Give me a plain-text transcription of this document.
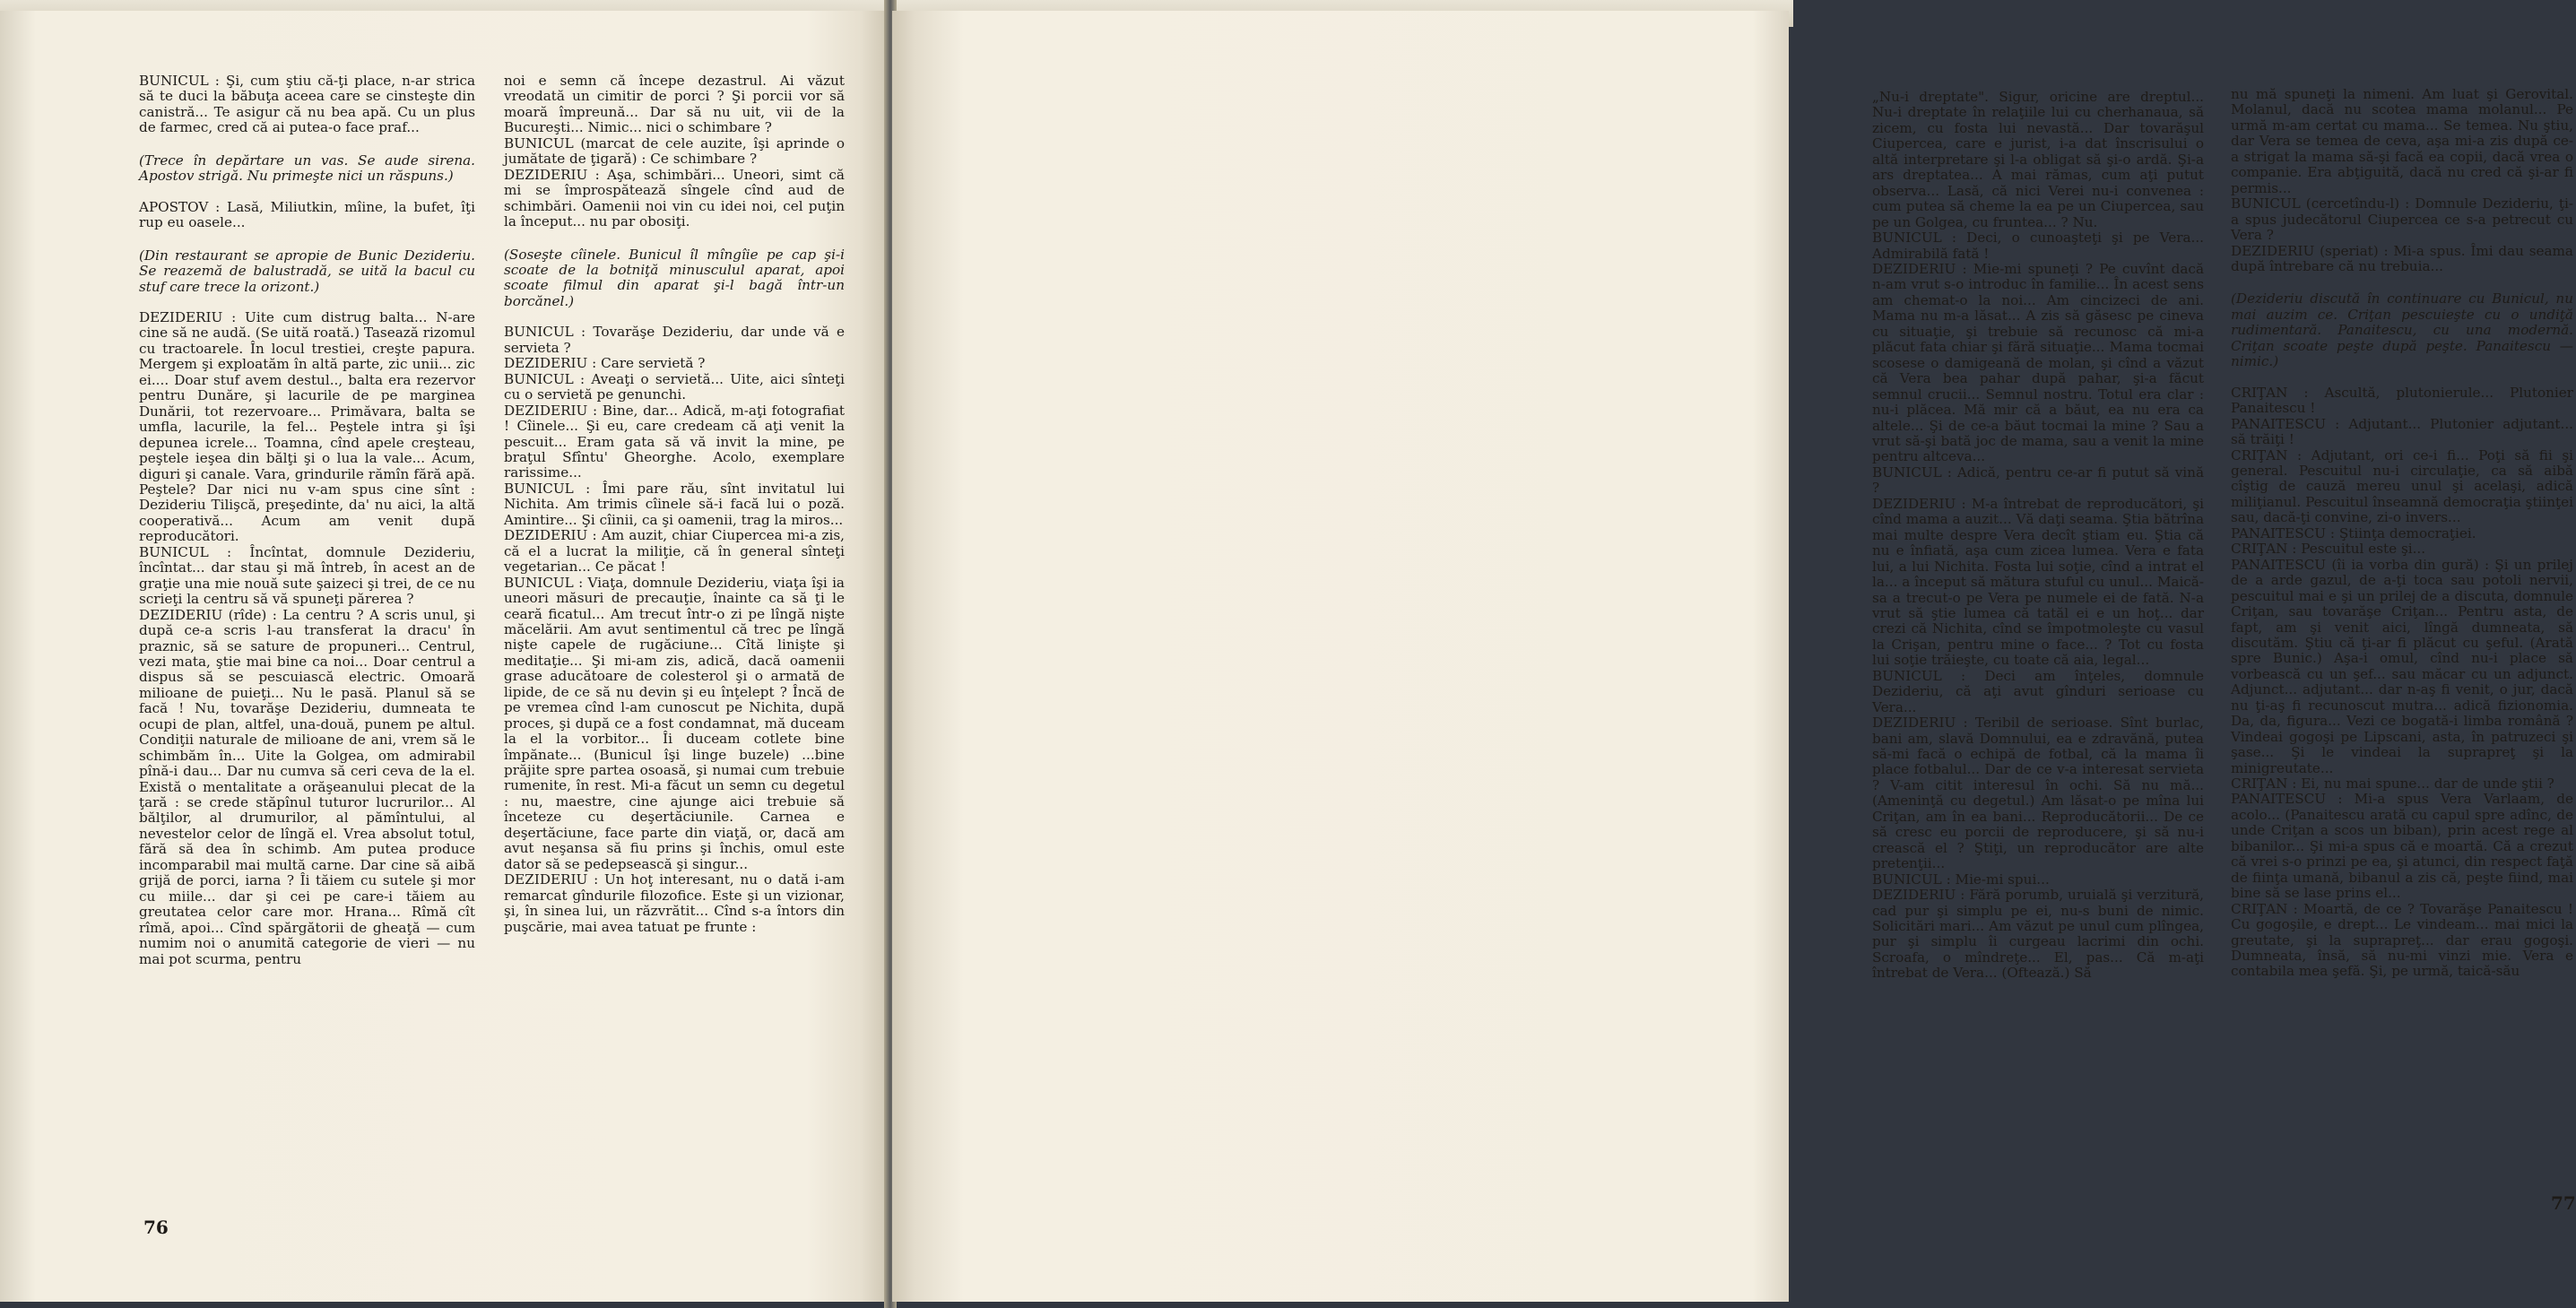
BUNICUL : Şi, cum ştiu că-ţi place, n-ar strica să te duci la băbuţa aceea care se cinsteşte din canistră... Te asigur că nu bea apă. Cu un plus de farmec, cred că ai putea-o face praf...

(Trece în depărtare un vas. Se aude sirena. Apostov strigă. Nu primeşte nici un răspuns.)

APOSTOV : Lasă, Miliutkin, mîine, la bufet, îţi rup eu oasele...

(Din restaurant se apropie de Bunic Dezideriu. Se reazemă de balustradă, se uită la bacul cu stuf care trece la orizont.)

DEZIDERIU : Uite cum distrug balta... N-are cine să ne audă. (Se uită roată.) Tasează rizomul cu tractoarele. În locul trestiei, creşte papura. Mergem şi exploatăm în altă parte, zic unii... zic ei.... Doar stuf avem destul.., balta era rezervor pentru Dunăre, şi lacurile de pe marginea Dunării, tot rezervoare... Primăvara, balta se umfla, lacurile, la fel... Peştele intra şi îşi depunea icrele... Toamna, cînd apele creşteau, peştele ieşea din bălţi şi o lua la vale... Acum, diguri şi canale. Vara, grindurile rămîn fără apă. Peştele? Dar nici nu v-am spus cine sînt : Dezideriu Tilişcă, preşedinte, da' nu aici, la altă cooperativă... Acum am venit după reproducători.

BUNICUL : Încîntat, domnule Dezideriu, încîntat... dar stau şi mă întreb, în acest an de graţie una mie nouă sute şaizeci şi trei, de ce nu scrieţi la centru să vă spuneţi părerea ?

DEZIDERIU (rîde) : La centru ? A scris unul, şi după ce-a scris l-au transferat la dracu' în praznic, să se sature de propuneri... Centrul, vezi mata, ştie mai bine ca noi... Doar centrul a dispus să se pescuiască electric. Omoară milioane de puieţi... Nu le pasă. Planul să se facă ! Nu, tovarăşe Dezideriu, dumneata te ocupi de plan, altfel, una-două, punem pe altul. Condiţii naturale de milioane de ani, vrem să le schimbăm în... Uite la Golgea, om admirabil pînă-i dau... Dar nu cumva să ceri ceva de la el. Există o mentalitate a orăşeanului plecat de la ţară : se crede stăpînul tuturor lucrurilor... Al bălţilor, al drumurilor, al pămîntului, al nevestelor celor de lîngă el. Vrea absolut totul, fără să dea în schimb. Am putea produce incomparabil mai multă carne. Dar cine să aibă grijă de porci, iarna ? Îi tăiem cu sutele şi mor cu miile... dar şi cei pe care-i tăiem au greutatea celor care mor. Hrana... Rîmă cît rîmă, apoi... Cînd spărgătorii de gheaţă — cum numim noi o anumită categorie de vieri — nu mai pot scurma, pentru

noi e semn că începe dezastrul. Ai văzut vreodată un cimitir de porci ? Şi porcii vor să moară împreună... Dar să nu uit, vii de la Bucureşti... Nimic... nici o schimbare ?

BUNICUL (marcat de cele auzite, îşi aprinde o jumătate de ţigară) : Ce schimbare ?

DEZIDERIU : Aşa, schimbări... Uneori, simt că mi se împrospătează sîngele cînd aud de schimbări. Oamenii noi vin cu idei noi, cel puţin la început... nu par obosiţi.

(Soseşte cîinele. Bunicul îl mîngîie pe cap şi-i scoate de la botniţă minusculul aparat, apoi scoate filmul din aparat şi-l bagă într-un borcănel.)

BUNICUL : Tovarăşe Dezideriu, dar unde vă e servieta ?

DEZIDERIU : Care servietă ?

BUNICUL : Aveaţi o servietă... Uite, aici sînteţi cu o servietă pe genunchi.

DEZIDERIU : Bine, dar... Adică, m-aţi fotografiat ! Cîinele... Şi eu, care credeam că aţi venit la pescuit... Eram gata să vă invit la mine, pe braţul Sfîntu' Gheorghe. Acolo, exemplare rarissime...

BUNICUL : Îmi pare rău, sînt invitatul lui Nichita. Am trimis cîinele să-i facă lui o poză. Amintire... Şi cîinii, ca şi oamenii, trag la miros...

DEZIDERIU : Am auzit, chiar Ciupercea mi-a zis, că el a lucrat la miliţie, că în general sînteţi vegetarian... Ce păcat !

BUNICUL : Viaţa, domnule Dezideriu, viaţa îşi ia uneori măsuri de precauţie, înainte ca să ţi le ceară ficatul... Am trecut într-o zi pe lîngă nişte măcelării. Am avut sentimentul că trec pe lîngă nişte capele de rugăciune... Cîtă linişte şi meditaţie... Şi mi-am zis, adică, dacă oamenii grase aducătoare de colesterol şi o armată de lipide, de ce să nu devin şi eu înţelept ? Încă de pe vremea cînd l-am cunoscut pe Nichita, după proces, şi după ce a fost condamnat, mă duceam la el la vorbitor... Îi duceam cotlete bine împănate... (Bunicul îşi linge buzele) ...bine prăjite spre partea osoasă, şi numai cum trebuie rumenite, în rest. Mi-a făcut un semn cu degetul : nu, maestre, cine ajunge aici trebuie să înceteze cu deşertăciunile. Carnea e deşertăciune, face parte din viaţă, or, dacă am avut neşansa să fiu prins şi închis, omul este dator să se pedepsească şi singur...

DEZIDERIU : Un hoţ interesant, nu o dată i-am remarcat gîndurile filozofice. Este şi un vizionar, şi, în sinea lui, un răzvrătit... Cînd s-a întors din puşcărie, mai avea tatuat pe frunte :

76

„Nu-i dreptate". Sigur, oricine are dreptul... Nu-i dreptate în relaţiile lui cu cherhanaua, să zicem, cu fosta lui nevastă... Dar tovarăşul Ciupercea, care e jurist, i-a dat înscrisului o altă interpretare şi l-a obligat să şi-o ardă. Şi-a ars dreptatea... A mai rămas, cum aţi putut observa... Lasă, că nici Verei nu-i convenea : cum putea să cheme la ea pe un Ciupercea, sau pe un Golgea, cu fruntea... ? Nu.

BUNICUL : Deci, o cunoaşteţi şi pe Vera... Admirabilă fată !

DEZIDERIU : Mie-mi spuneţi ? Pe cuvînt dacă n-am vrut s-o introduc în familie... În acest sens am chemat-o la noi... Am cincizeci de ani. Mama nu m-a lăsat... A zis să găsesc pe cineva cu situaţie, şi trebuie să recunosc că mi-a plăcut fata chiar şi fără situaţie... Mama tocmai scosese o damigeană de molan, şi cînd a văzut că Vera bea pahar după pahar, şi-a făcut semnul crucii... Semnul nostru. Totul era clar : nu-i plăcea. Mă mir că a băut, ea nu era ca altele... Şi de ce-a băut tocmai la mine ? Sau a vrut să-şi bată joc de mama, sau a venit la mine pentru altceva...

BUNICUL : Adică, pentru ce-ar fi putut să vină ?

DEZIDERIU : M-a întrebat de reproducători, şi cînd mama a auzit... Vă daţi seama. Ştia bătrîna mai multe despre Vera decît ştiam eu. Ştia că nu e înfiată, aşa cum zicea lumea. Vera e fata lui, a lui Nichita. Fosta lui soţie, cînd a intrat el la... a început să mătura stuful cu unul... Maică-sa a trecut-o pe Vera pe numele ei de fată. N-a vrut să ştie lumea că tatăl ei e un hoţ... dar crezi că Nichita, cînd se împotmoleşte cu vasul la Crişan, pentru mine o face... ? Tot cu fosta lui soţie trăieşte, cu toate că aia, legal...

BUNICUL : Deci am înţeles, domnule Dezideriu, că aţi avut gînduri serioase cu Vera...

DEZIDERIU : Teribil de serioase. Sînt burlac, bani am, slavă Domnului, ea e zdravănă, putea să-mi facă o echipă de fotbal, că la mama îi place fotbalul... Dar de ce v-a interesat servieta ? V-am citit interesul în ochi. Să nu mă... (Ameninţă cu degetul.) Am lăsat-o pe mîna lui Criţan, am în ea bani... Reproducătorii... De ce să cresc eu porcii de reproducere, şi să nu-i crească el ? Ştiţi, un reproducător are alte pretenţii...

BUNICUL : Mie-mi spui...

DEZIDERIU : Fără porumb, uruială şi verzitură, cad pur şi simplu pe ei, nu-s buni de nimic. Solicitări mari... Am văzut pe unul cum plîngea, pur şi simplu îi curgeau lacrimi din ochi. Scroafa, o mîndreţe... El, pas... Că m-aţi întrebat de Vera... (Oftează.) Să

nu mă spuneţi la nimeni. Am luat şi Gerovital. Molanul, dacă nu scotea mama molanul... Pe urmă m-am certat cu mama... Se temea. Nu ştiu, dar Vera se temea de ceva, aşa mi-a zis după ce-a strigat la mama să-şi facă ea copii, dacă vrea o companie. Era abţiguită, dacă nu cred că şi-ar fi permis...

BUNICUL (cercetîndu-l) : Domnule Dezideriu, ţi-a spus judecătorul Ciupercea ce s-a petrecut cu Vera ?

DEZIDERIU (speriat) : Mi-a spus. Îmi dau seama după întrebare că nu trebuia...

(Dezideriu discută în continuare cu Bunicul, nu mai auzim ce. Criţan pescuieşte cu o undiţă rudimentară. Panaitescu, cu una modernă. Criţan scoate peşte după peşte. Panaitescu — nimic.)

CRIŢAN : Ascultă, plutonierule... Plutonier Panaitescu !

PANAITESCU : Adjutant... Plutonier adjutant... să trăiţi !

CRIŢAN : Adjutant, ori ce-i fi... Poţi să fii şi general. Pescuitul nu-i circulaţie, ca să aibă cîştig de cauză mereu unul şi acelaşi, adică miliţianul. Pescuitul înseamnă democraţia ştiinţei sau, dacă-ţi convine, zi-o invers...

PANAITESCU : Ştiinţa democraţiei.

CRIŢAN : Pescuitul este şi...

PANAITESCU (îi ia vorba din gură) : Şi un prilej de a arde gazul, de a-ţi toca sau potoli nervii, pescuitul mai e şi un prilej de a discuta, domnule Criţan, sau tovarăşe Criţan... Pentru asta, de fapt, am şi venit aici, lîngă dumneata, să discutăm. Ştiu că ţi-ar fi plăcut cu şeful. (Arată spre Bunic.) Aşa-i omul, cînd nu-i place să vorbească cu un şef... sau măcar cu un adjunct. Adjunct... adjutant... dar n-aş fi venit, o jur, dacă nu ţi-aş fi recunoscut mutra... adică fizionomia. Da, da, figura... Vezi ce bogată-i limba română ? Vindeai gogoşi pe Lipscani, asta, în patruzeci şi şase... Şi le vindeai la suprapreţ şi la minigreutate...

CRIŢAN : Ei, nu mai spune... dar de unde ştii ?

PANAITESCU : Mi-a spus Vera Varlaam, de acolo... (Panaitescu arată cu capul spre adînc, de unde Criţan a scos un biban), prin acest rege al bibanilor... Şi mi-a spus că e moartă. Că a crezut că vrei s-o prinzi pe ea, şi atunci, din respect faţă de fiinţa umană, bibanul a zis că, peşte fiind, mai bine să se lase prins el...

CRIŢAN : Moartă, de ce ? Tovarăşe Panaitescu ! Cu gogoşile, e drept... Le vindeam... mai mici la greutate, şi la suprapreţ... dar erau gogoşi. Dumneata, însă, să nu-mi vinzi mie. Vera e contabila mea şefă. Şi, pe urmă, taică-său

77
